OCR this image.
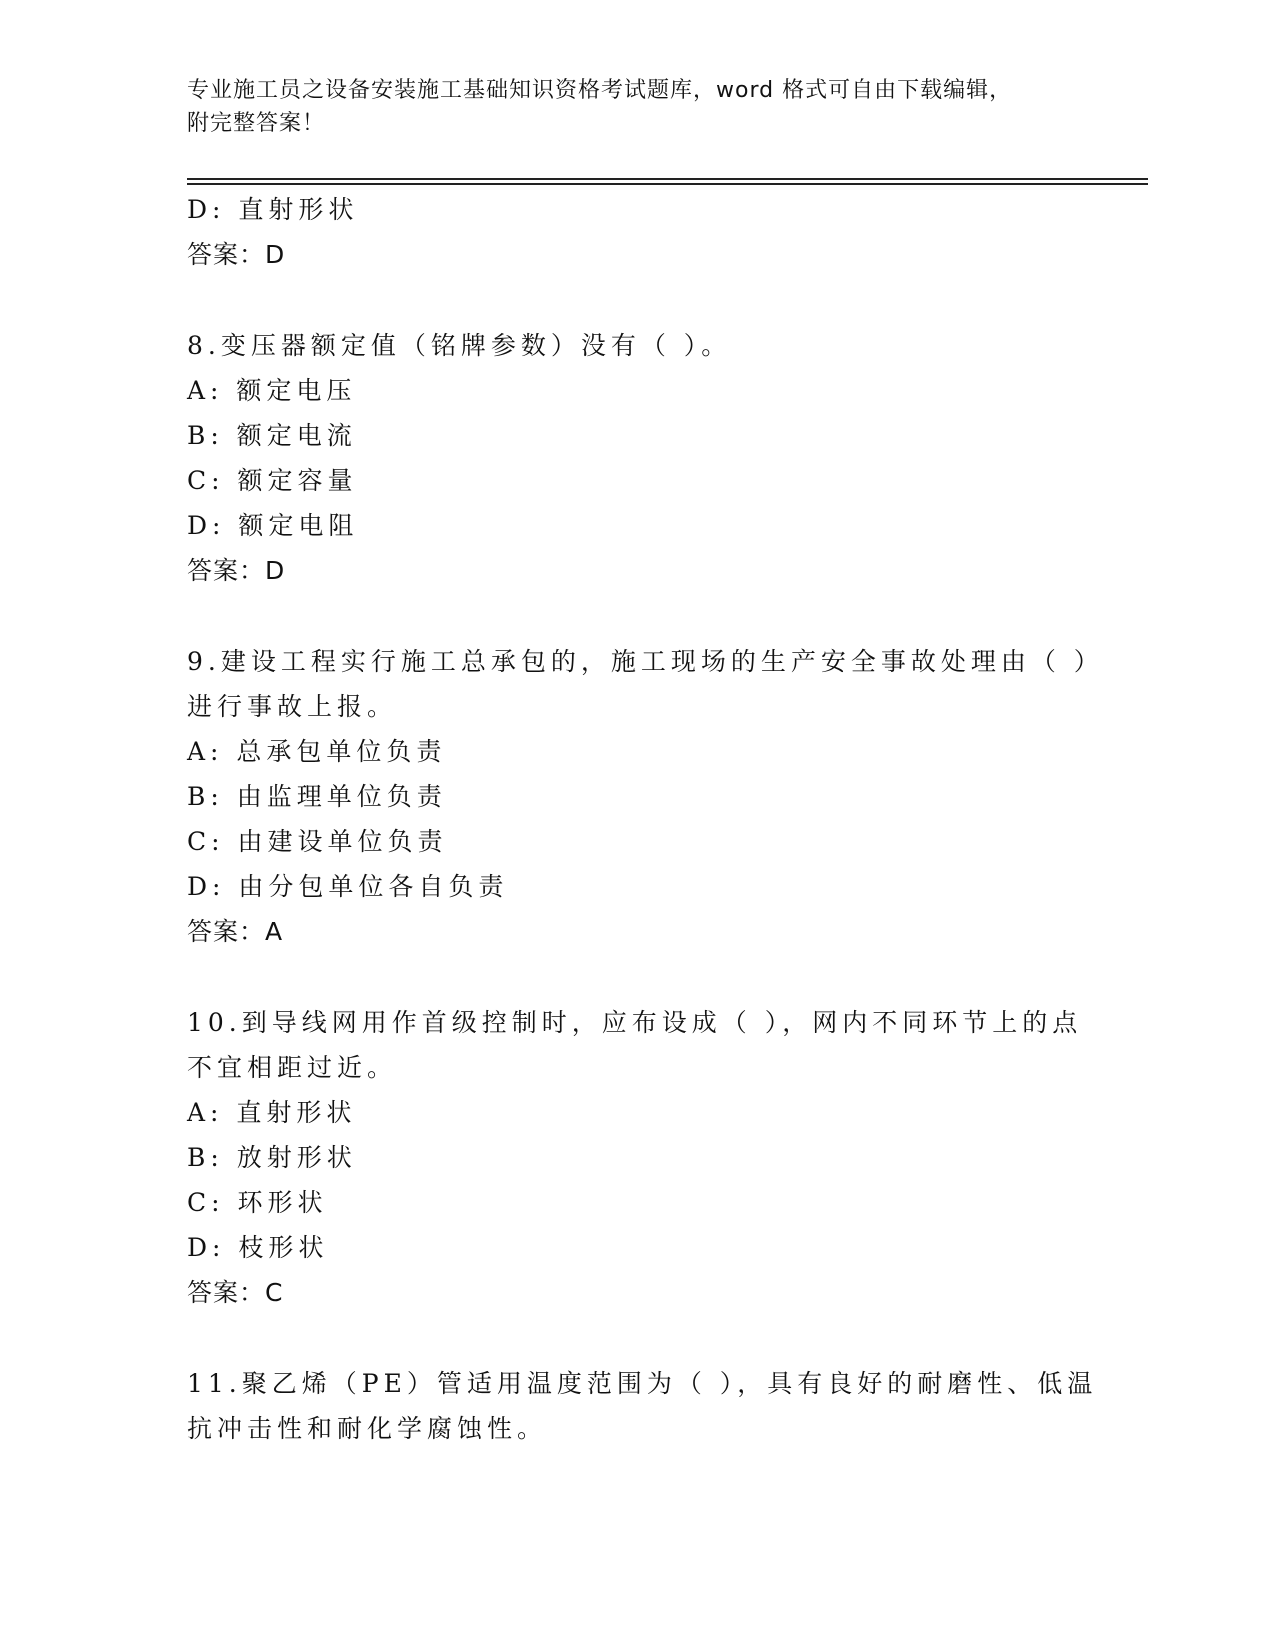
专业施工员之设备安装施工基础知识资格考试题库，word 格式可自由下载编辑，
附完整答案！
D: 直射形状
答案：D
8.变压器额定值（铭牌参数）没有（ ）。
A: 额定电压
B: 额定电流
C: 额定容量
D: 额定电阻
答案：D
9.建设工程实行施工总承包的，施工现场的生产安全事故处理由（ ）
进行事故上报。
A: 总承包单位负责
B: 由监理单位负责
C: 由建设单位负责
D: 由分包单位各自负责
答案：A
10.到导线网用作首级控制时，应布设成（ ），网内不同环节上的点
不宜相距过近。
A: 直射形状
B: 放射形状
C: 环形状
D: 枝形状
答案：C
11.聚乙烯（PE）管适用温度范围为（ ），具有良好的耐磨性、低温
抗冲击性和耐化学腐蚀性。
